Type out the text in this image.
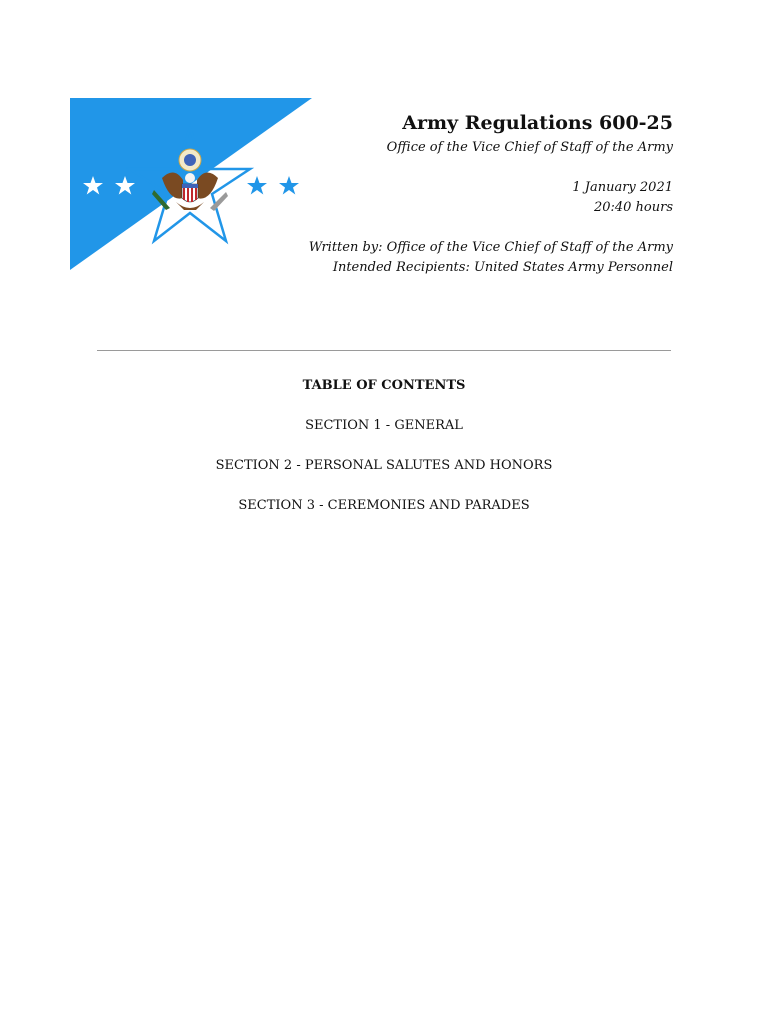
Army Regulations 600-25
Office of the Vice Chief of Staff of the Army
1 January 2021
20:40 hours
Written by: Office of the Vice Chief of Staff of the Army
Intended Recipients: United States Army Personnel
TABLE OF CONTENTS
SECTION 1 - GENERAL
SECTION 2 - PERSONAL SALUTES AND HONORS
SECTION 3 - CEREMONIES AND PARADES
